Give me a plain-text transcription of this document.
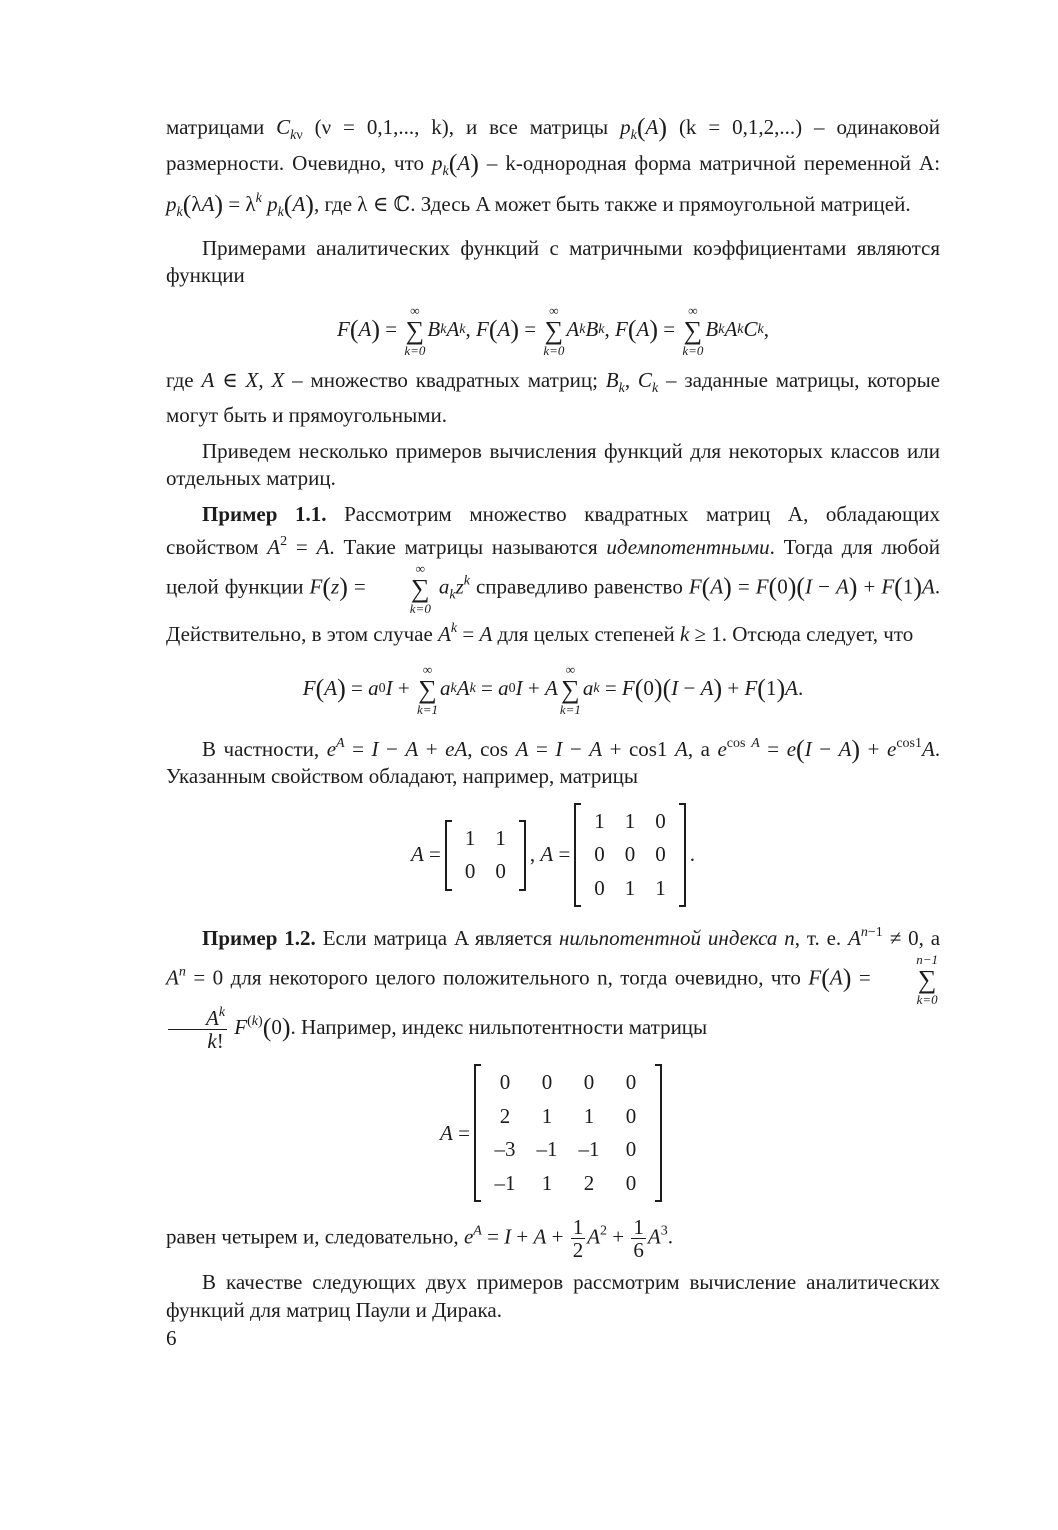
матрицами $C_{k\nu}$ (ν = 0,1,..., k), и все матрицы $p_k(A) (k = 0,1,2,...)$ – одинаковой размерности. Очевидно, что $p_k(A)$ – k-однородная форма матричной переменной A: $p_k(\lambda A) = \lambda^k$ $p_k(A)$, где λ ∈ ℂ. Здесь A может быть также и прямоугольной матрицей.

Примерами аналитических функций с матричными коэффициентами являются функции

F ( A ) =
∞
∑
k=0
B k A k , F ( A ) =
∞
∑
k=0
A k B k , F ( A ) =
∞
∑
k=0
B k A k C k ,

где A ∈ X, X – множество квадратных матриц; $B_k$, $C_k$ – заданные матрицы, которые могут быть и прямоугольными.

Приведем несколько примеров вычисления функций для некоторых классов или отдельных матриц.

Пример 1.1. Рассмотрим множество квадратных матриц A, обладающих свойством $A^2 = A$. Такие матрицы называются идемпотентными. Тогда для любой целой функции F(z) =
∞
∑
k=0
$a_kz^k$ справедливо равенство F(A) = F(0)(I − A) + F(1)A. Действительно, в этом случае $A^k = A$ для целых степеней k ≥ 1. Отсюда следует, что

F ( A ) = a 0 I +
∞
∑
k=1
a k A k = a 0 I + A
∞
∑
k=1
a k = F ( 0 ) ( I − A ) + F ( 1 ) A .

В частности, $e^A = I - A$ + eA, cos A = I − A + cos1 A, а $e^{cos A} = e(I - A) + e^{cos1}A$. Указанным свойством обладают, например, матрицы

A =
1 1
0 0
, A =
1 1 0
0 0 0
0 1 1
.

Пример 1.2. Если матрица A является нильпотентной индекса n, т. е. $A^{n-1} \ne 0$, а $A^n = 0$ для некоторого целого положительного n, тогда очевидно, что F(A) =
n−1
∑
k=0

$\frac{A^k}{k!} F^{(k)}(0)$. Например, индекс нильпотентности матрицы

A =
0	0	0	0
2	1	1	0
–3	–1	–1	0
–1	1	2	0

равен четырем и, следовательно, $e^A = I + A + \frac{1}{2} A^2 + \frac{1}{6} A^3$.

В качестве следующих двух примеров рассмотрим вычисление аналитических функций для матриц Паули и Дирака.

6
